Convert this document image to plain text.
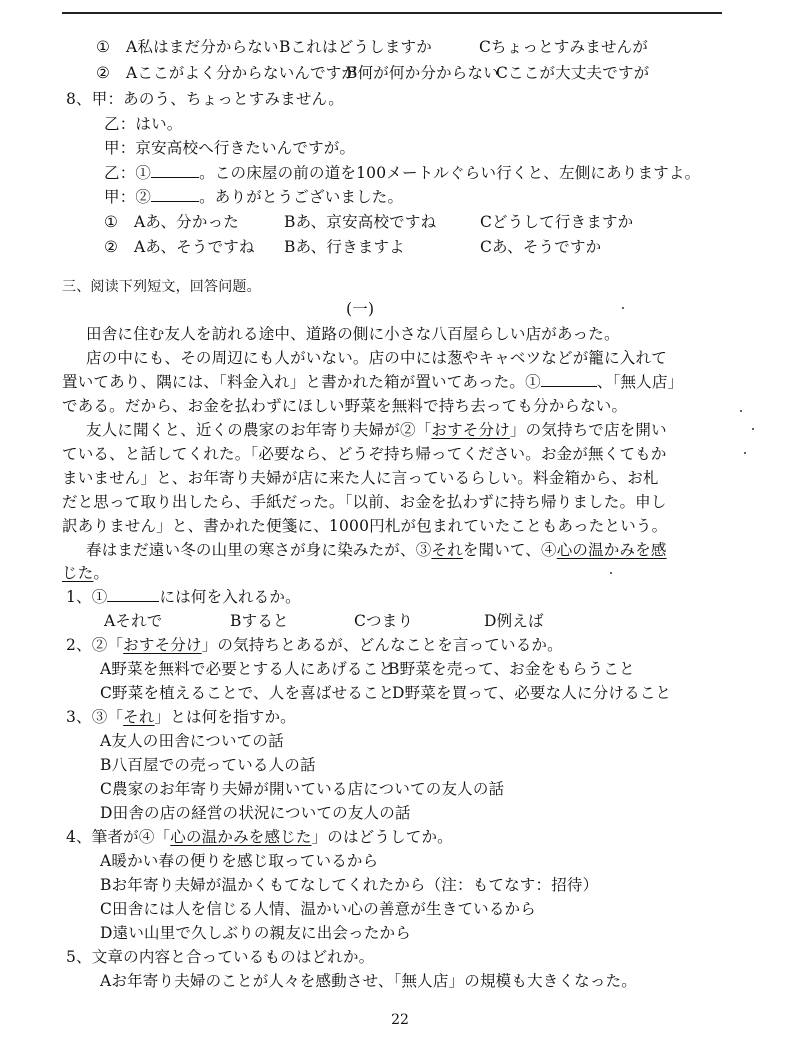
① A私はまだ分からないBこれはどうしますか	Cちょっとすみませんが
② Aここがよく分からないんですがB何が何か分からないCここが大丈夫ですが
8、甲：あのう、ちょっとすみません。
乙：はい。
甲：京安高校へ行きたいんですが。
乙：①	。この床屋の前の道を100メートルぐらい行くと、左側にありますよ。
甲：②	。ありがとうございました。
① Aあ、分かった	Bあ、京安高校ですね	Cどうして行きますか
② Aあ、そうですね Bあ、行きますよ	Cあ、そうですか
三、阅读下列短文，回答问题。
(一)
田舎に住む友人を訪れる途中、道路の側に小さな八百屋らしい店があった。
店の中にも、その周辺にも人がいない。店の中には葱やキャベツなどが籠に入れて
置いてあり、隅には、「料金入れ」と書かれた箱が置いてあった。①	、「無人店」
である。だから、お金を払わずにほしい野菜を無料で持ち去っても分からない。
友人に聞くと、近くの農家のお年寄り夫婦が②「おすそ分け」の気持ちで店を開い
ている、と話してくれた。「必要なら、どうぞ持ち帰ってください。お金が無くてもか
まいません」と、お年寄り夫婦が店に来た人に言っているらしい。料金箱から、お札
だと思って取り出したら、手紙だった。「以前、お金を払わずに持ち帰りました。申し
訳ありません」と、書かれた便箋に、1000円札が包まれていたこともあったという。
春はまだ遠い冬の山里の寒さが身に染みたが、③それを聞いて、④心の温かみを感
じた。
1、①	には何を入れるか。
Aそれで	Bすると	Cつまり	D例えば
2、②「おすそ分け」の気持ちとあるが、どんなことを言っているか。
A野菜を無料で必要とする人にあげることB野菜を売って、お金をもらうこと
C野菜を植えることで、人を喜ばせることD野菜を買って、必要な人に分けること
3、③「それ」とは何を指すか。
A友人の田舎についての話
B八百屋での売っている人の話
C農家のお年寄り夫婦が開いている店についての友人の話
D田舎の店の経営の状況についての友人の話
4、筆者が④「心の温かみを感じた」のはどうしてか。
A暖かい春の便りを感じ取っているから
Bお年寄り夫婦が温かくもてなしてくれたから（注：もてなす：招待）
C田舎には人を信じる人情、温かい心の善意が生きているから
D遠い山里で久しぶりの親友に出会ったから
5、文章の内容と合っているものはどれか。
Aお年寄り夫婦のことが人々を感動させ、「無人店」の規模も大きくなった。
22
